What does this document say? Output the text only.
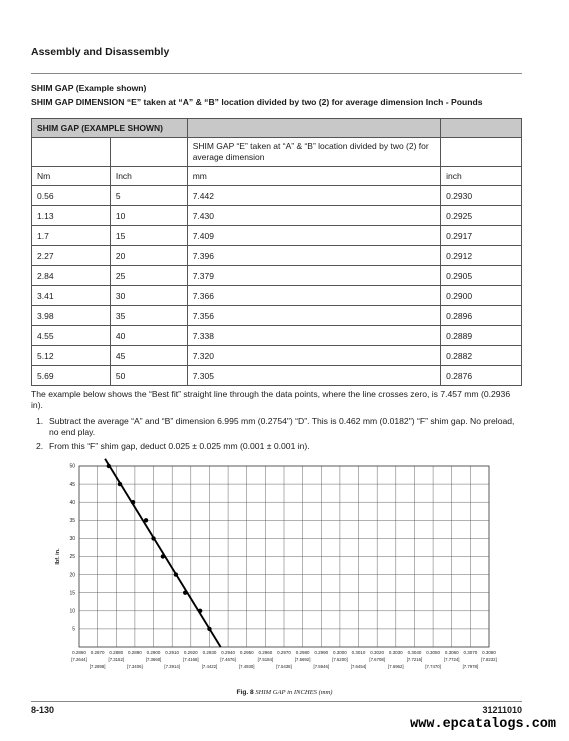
Assembly and Disassembly
SHIM GAP (Example shown)
SHIM GAP DIMENSION “E” taken at “A” & “B” location divided by two (2) for average dimension Inch - Pounds
SHIM GAP (EXAMPLE SHOWN)			
		SHIM GAP “E” taken at “A” & “B” location divided by two (2) for average dimension	
Nm	Inch	mm	inch
0.56	5	7.442	0.2930
1.13	10	7.430	0.2925
1.7	15	7.409	0.2917
2.27	20	7.396	0.2912
2.84	25	7.379	0.2905
3.41	30	7.366	0.2900
3.98	35	7.356	0.2896
4.55	40	7.338	0.2889
5.12	45	7.320	0.2882
5.69	50	7.305	0.2876
The example below shows the “Best fit” straight line through the data points, where the line crosses zero, is 7.457 mm (0.2936 in).
1. Subtract the average “A” and “B” dimension 6.995 mm (0.2754") “D”. This is 0.462 mm (0.0182") “F” shim gap. No preload, no end play.
2. From this “F” shim gap, deduct 0.025 ± 0.025 mm (0.001 ± 0.001 in).
0.2860 0.2870 0.2880 0.2890 0.2900 0.2910 0.2920 0.2930 0.2940 0.2950 0.2960 0.2970 0.2980 0.2990 0.3000 0.3010 0.3020 0.3030 0.3040 0.3050 0.3060 0.3070 0.3080
5
10
15
20
25
30
35
40
45
50
[7.2644]	[7.3152]	[7.3660]	[7.4168]	[7.4676]	[7.5184]	[7.5692]	[7.6200]	[7.6708]	[7.7216]	[7.7724]	[7.8232]
[7.2898]	[7.3406]	[7.3914]	[7.4422]	[7.4930]	[7.5438]	[7.5946]	[7.6454]	[7.6962]	[7.7470]	[7.7978]
lbf. in.
Fig. 8 SHIM GAP in INCHES (mm)
8-130	31211010
www.epcatalogs.com
